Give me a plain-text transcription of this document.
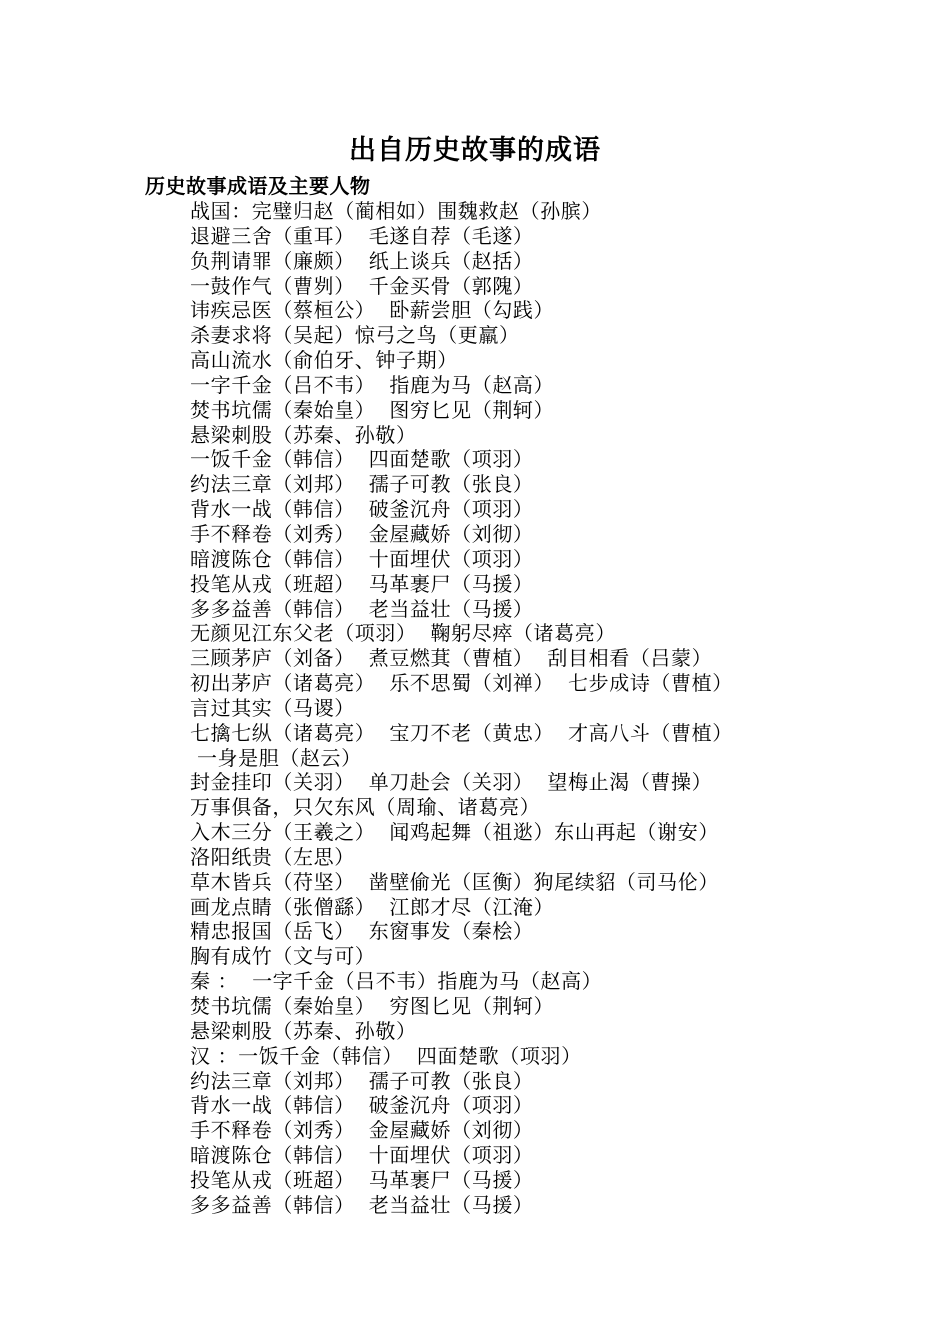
出自历史故事的成语
历史故事成语及主要人物
战国：完璧归赵（蔺相如）围魏救赵（孙膑）
退避三舍（重耳）  毛遂自荐（毛遂）
负荆请罪（廉颇）  纸上谈兵（赵括）
一鼓作气（曹刿）  千金买骨（郭隗）
讳疾忌医（蔡桓公）  卧薪尝胆（勾践）
杀妻求将（吴起）惊弓之鸟（更羸）
高山流水（俞伯牙、钟子期）
一字千金（吕不韦）  指鹿为马（赵高）
焚书坑儒（秦始皇）  图穷匕见（荆轲）
悬梁刺股（苏秦、孙敬）
一饭千金（韩信）  四面楚歌（项羽）
约法三章（刘邦）  孺子可教（张良）
背水一战（韩信）  破釜沉舟（项羽）
手不释卷（刘秀）  金屋藏娇（刘彻）
暗渡陈仓（韩信）  十面埋伏（项羽）
投笔从戎（班超）  马革裹尸（马援）
多多益善（韩信）  老当益壮（马援）
无颜见江东父老（项羽）  鞠躬尽瘁（诸葛亮）
三顾茅庐（刘备）  煮豆燃萁（曹植）  刮目相看（吕蒙）
初出茅庐（诸葛亮）  乐不思蜀（刘禅）  七步成诗（曹植）
言过其实（马谡）
七擒七纵（诸葛亮）  宝刀不老（黄忠）  才高八斗（曹植）
一身是胆（赵云）
封金挂印（关羽）  单刀赴会（关羽）  望梅止渴（曹操）
万事俱备，只欠东风（周瑜、诸葛亮）
入木三分（王羲之）  闻鸡起舞（祖逖）东山再起（谢安）
洛阳纸贵（左思）
草木皆兵（苻坚）  凿壁偷光（匡衡）狗尾续貂（司马伦）
画龙点睛（张僧繇）  江郎才尽（江淹）
精忠报国（岳飞）  东窗事发（秦桧）
胸有成竹（文与可）
秦 ：  一字千金（吕不韦）指鹿为马（赵高）
焚书坑儒（秦始皇）  穷图匕见（荆轲）
悬梁刺股（苏秦、孙敬）
汉 ：一饭千金（韩信）  四面楚歌（项羽）
约法三章（刘邦）  孺子可教（张良）
背水一战（韩信）  破釜沉舟（项羽）
手不释卷（刘秀）  金屋藏娇（刘彻）
暗渡陈仓（韩信）  十面埋伏（项羽）
投笔从戎（班超）  马革裹尸（马援）
多多益善（韩信）  老当益壮（马援）
